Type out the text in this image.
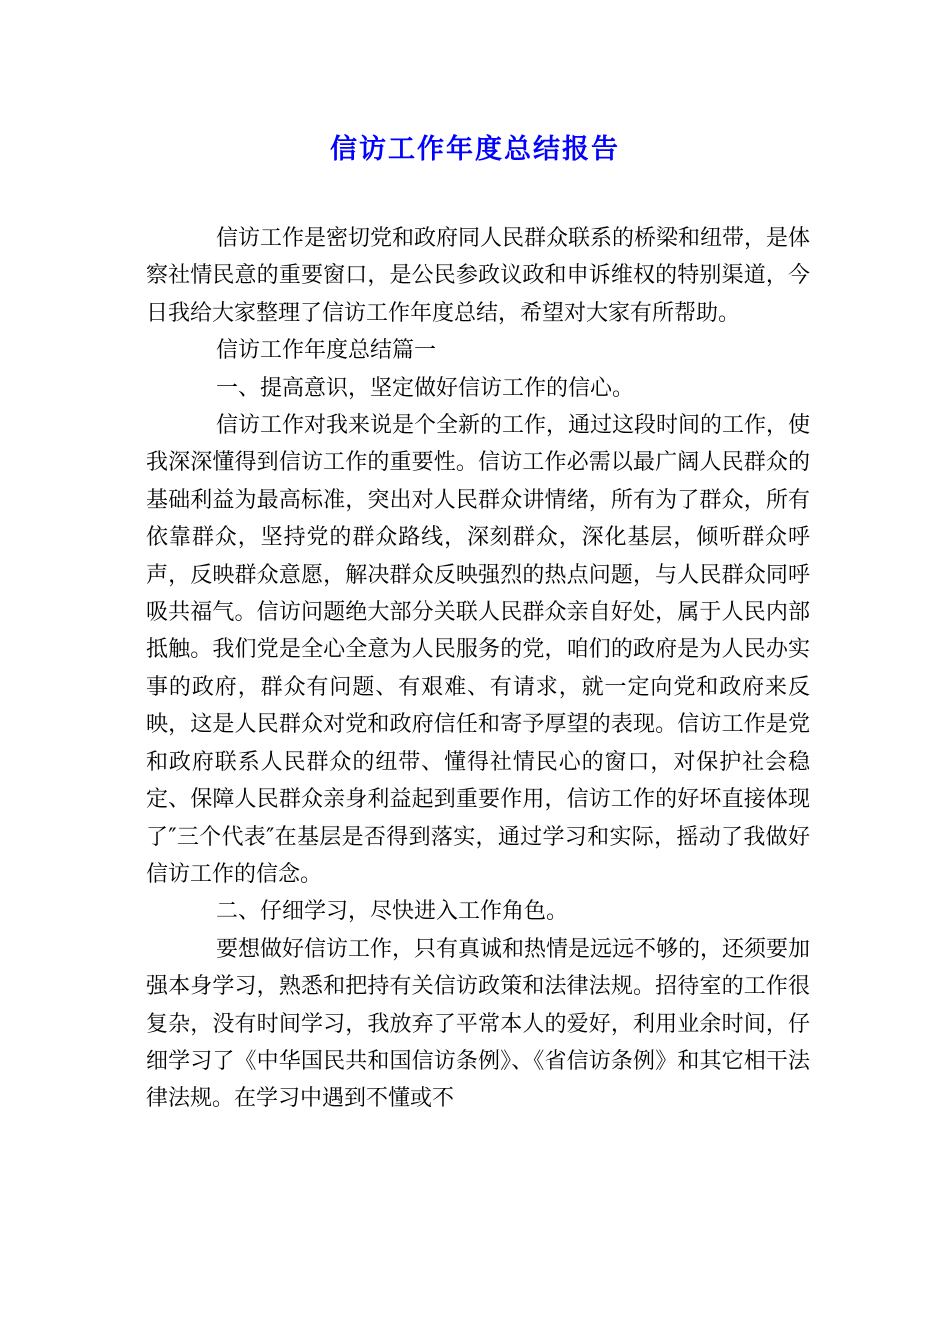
信访工作年度总结报告

信访工作是密切党和政府同人民群众联系的桥梁和纽带，是体察社情民意的重要窗口，是公民参政议政和申诉维权的特别渠道，今日我给大家整理了信访工作年度总结，希望对大家有所帮助。

信访工作年度总结篇一

一、提高意识，坚定做好信访工作的信心。

信访工作对我来说是个全新的工作，通过这段时间的工作，使我深深懂得到信访工作的重要性。信访工作必需以最广阔人民群众的基础利益为最高标准，突出对人民群众讲情绪，所有为了群众，所有依靠群众，坚持党的群众路线，深刻群众，深化基层，倾听群众呼声，反映群众意愿，解决群众反映强烈的热点问题，与人民群众同呼吸共福气。信访问题绝大部分关联人民群众亲自好处，属于人民内部抵触。我们党是全心全意为人民服务的党，咱们的政府是为人民办实事的政府，群众有问题、有艰难、有请求，就一定向党和政府来反映，这是人民群众对党和政府信任和寄予厚望的表现。信访工作是党和政府联系人民群众的纽带、懂得社情民心的窗口，对保护社会稳定、保障人民群众亲身利益起到重要作用，信访工作的好坏直接体现了″三个代表″在基层是否得到落实，通过学习和实际，摇动了我做好信访工作的信念。

二、仔细学习，尽快进入工作角色。

要想做好信访工作，只有真诚和热情是远远不够的，还须要加强本身学习，熟悉和把持有关信访政策和法律法规。招待室的工作很复杂，没有时间学习，我放弃了平常本人的爱好，利用业余时间，仔细学习了《中华国民共和国信访条例》、《省信访条例》和其它相干法律法规。在学习中遇到不懂或不
